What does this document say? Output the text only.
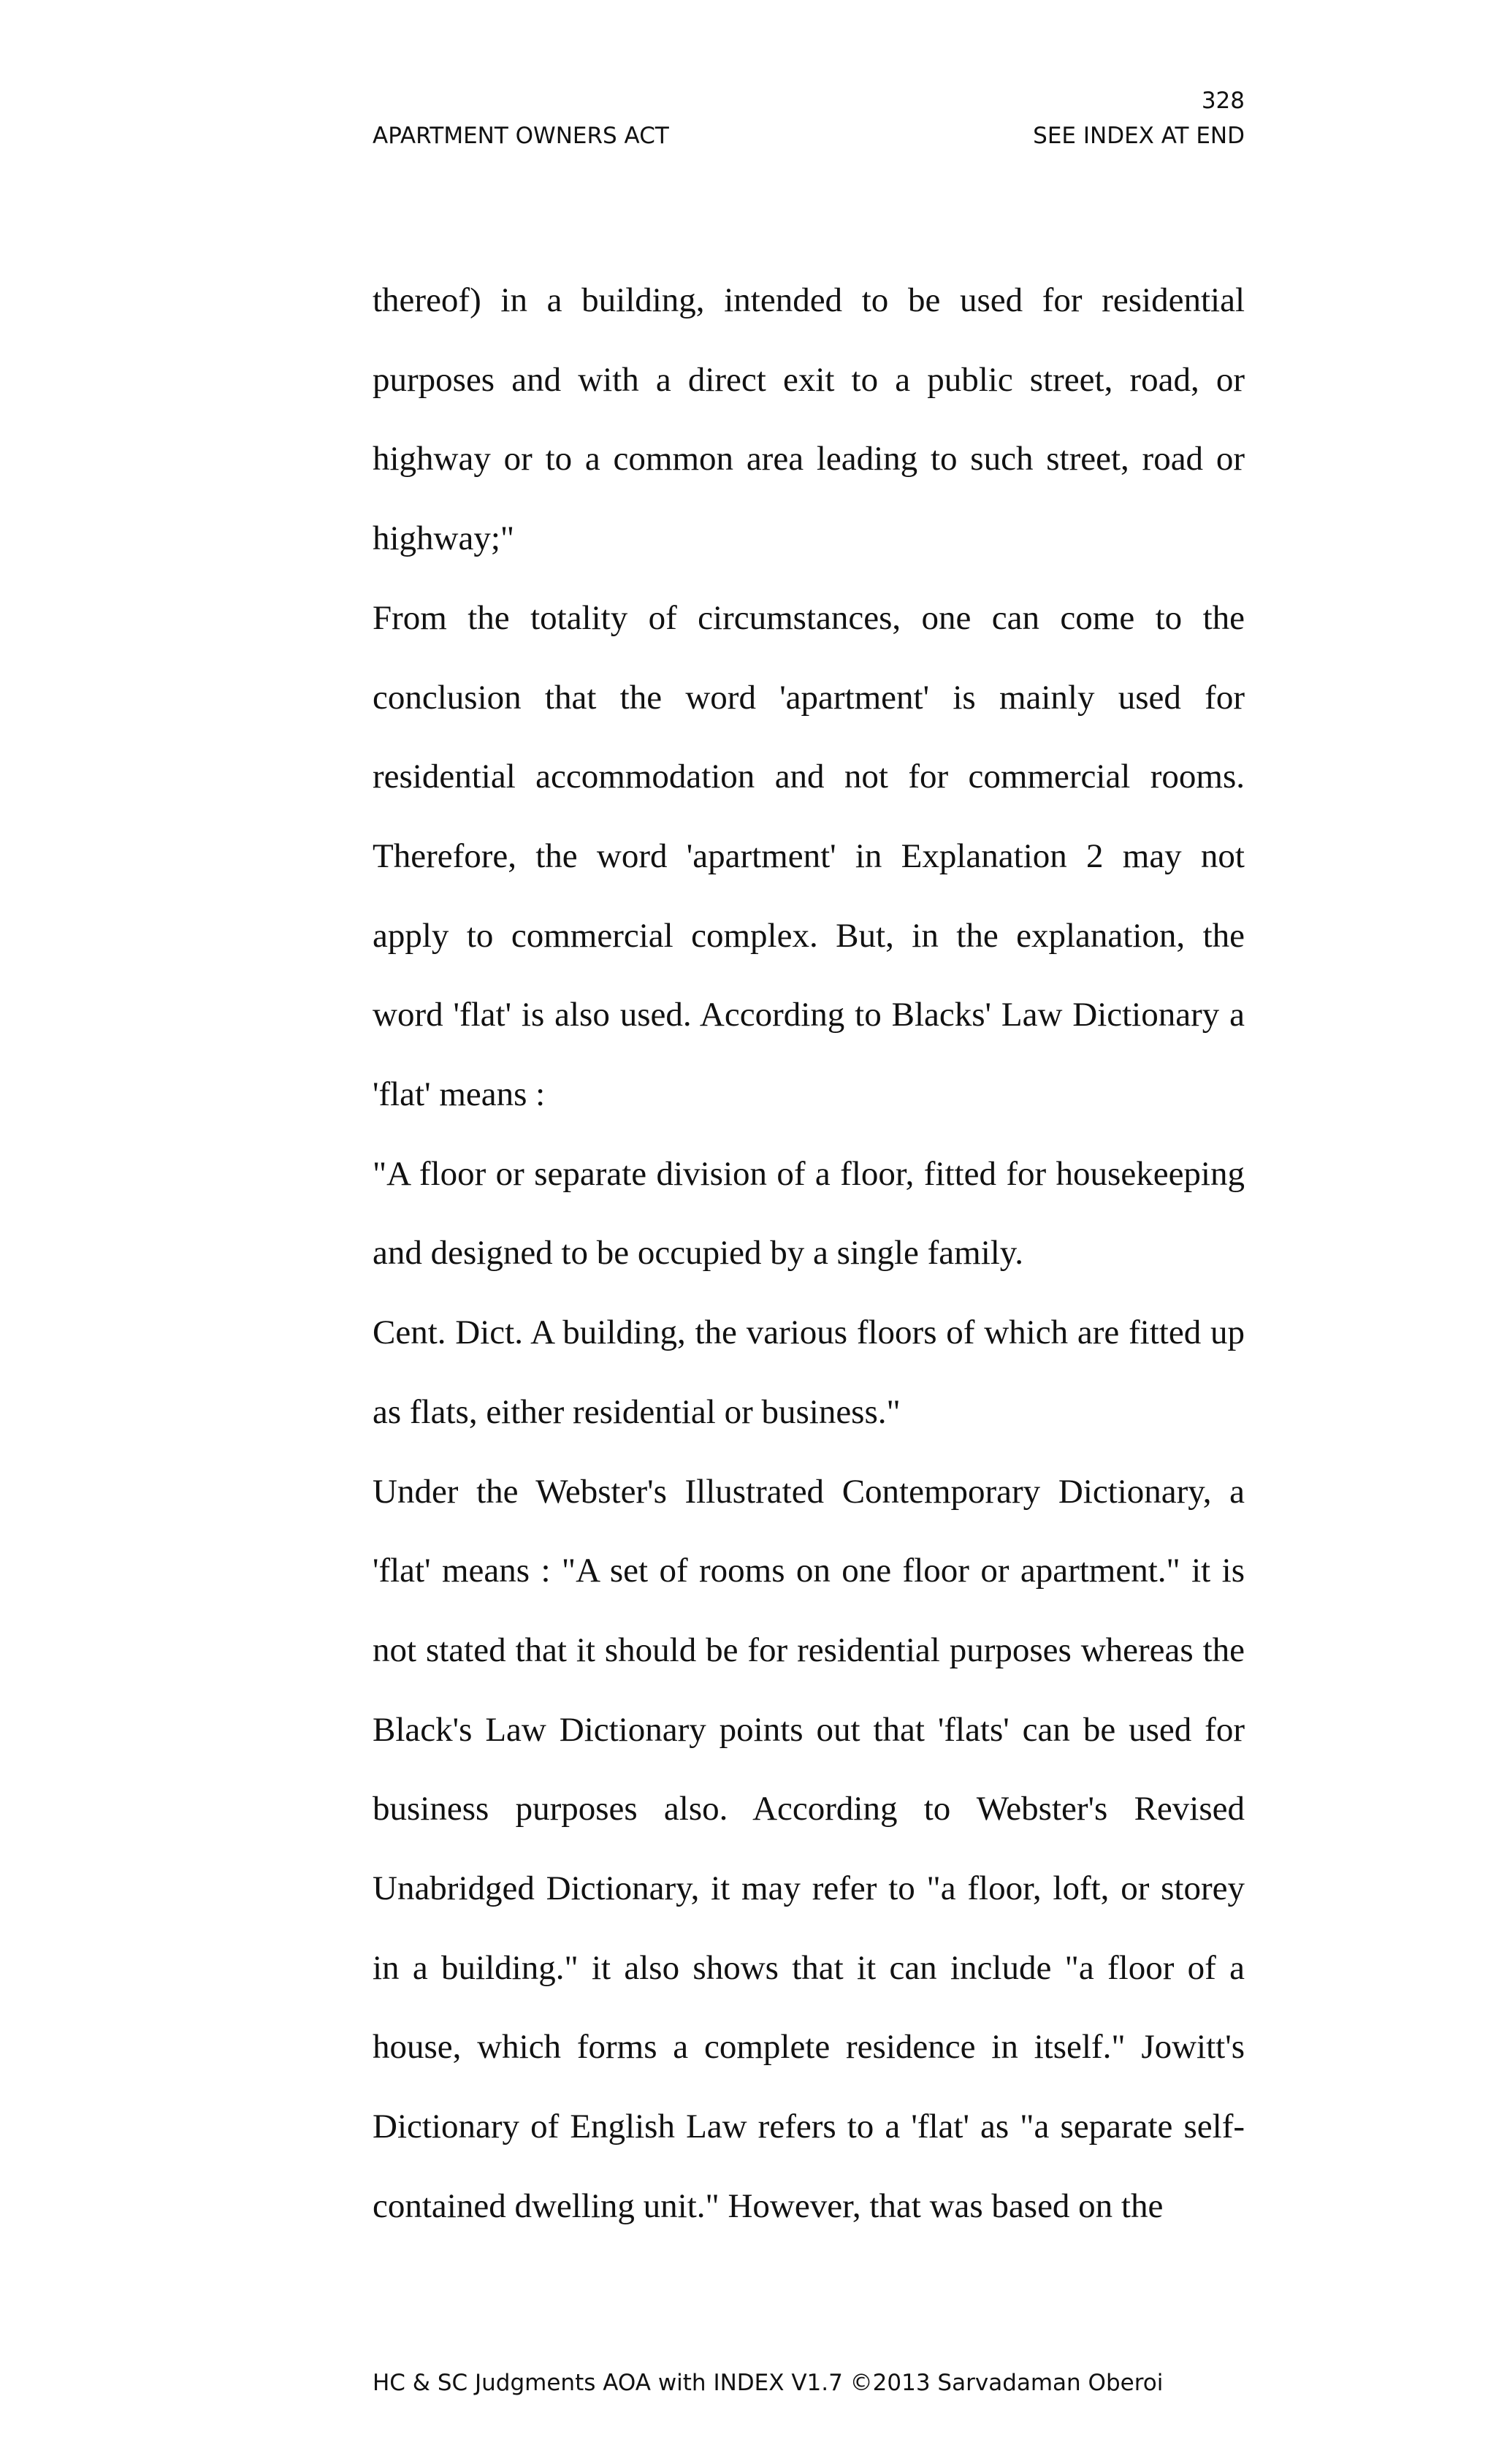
328

APARTMENT OWNERS ACT	SEE INDEX AT END

thereof) in a building, intended to be used for residential purposes and with a direct exit to a public street, road, or highway or to a common area leading to such street, road or highway;"

From the totality of circumstances, one can come to the conclusion that the word 'apartment' is mainly used for residential accommodation and not for commercial rooms. Therefore, the word 'apartment' in Explanation 2 may not apply to commercial complex. But, in the explanation, the word 'flat' is also used. According to Blacks' Law Dictionary a 'flat' means :

"A floor or separate division of a floor, fitted for housekeeping and designed to be occupied by a single family.

Cent. Dict. A building, the various floors of which are fitted up as flats, either residential or business."

Under the Webster's Illustrated Contemporary Dictionary, a 'flat' means : "A set of rooms on one floor or apartment." it is not stated that it should be for residential purposes whereas the Black's Law Dictionary points out that 'flats' can be used for business purposes also. According to Webster's Revised Unabridged Dictionary, it may refer to "a floor, loft, or storey in a building." it also shows that it can include "a floor of a house, which forms a complete residence in itself." Jowitt's Dictionary of English Law refers to a 'flat' as "a separate self-contained dwelling unit." However, that was based on the

HC & SC Judgments AOA with INDEX V1.7 ©2013 Sarvadaman Oberoi
